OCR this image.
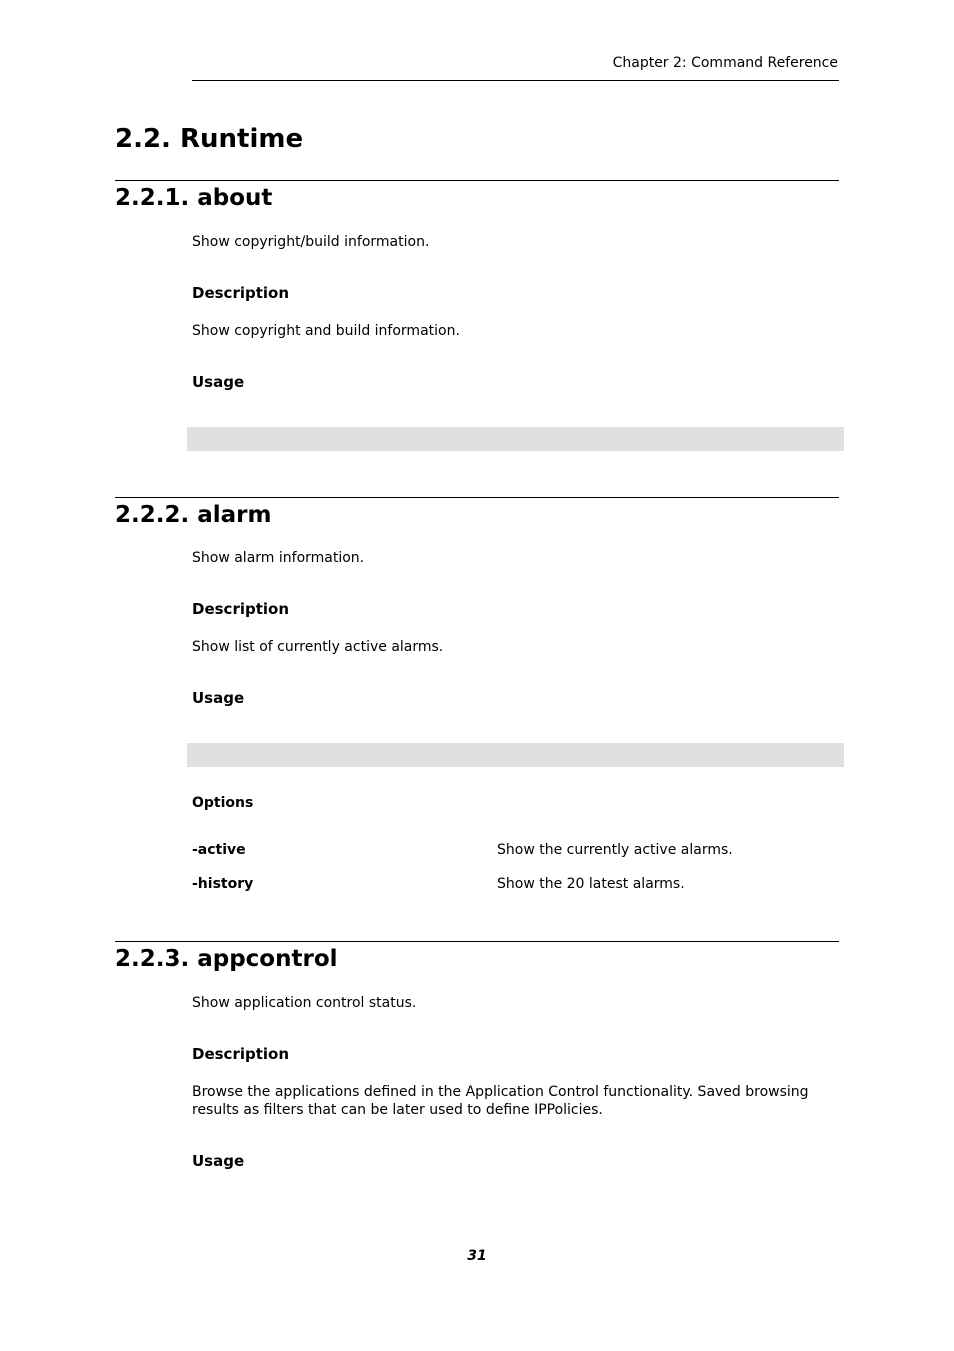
Chapter 2: Command Reference
2.2. Runtime
2.2.1. about
Show copyright/build information.
Description
Show copyright and build information.
Usage
2.2.2. alarm
Show alarm information.
Description
Show list of currently active alarms.
Usage
Options
-active	Show the currently active alarms.
-history	Show the 20 latest alarms.
2.2.3. appcontrol
Show application control status.
Description
Browse the applications defined in the Application Control functionality. Saved browsing results as filters that can be later used to define IPPolicies.
Usage
31
